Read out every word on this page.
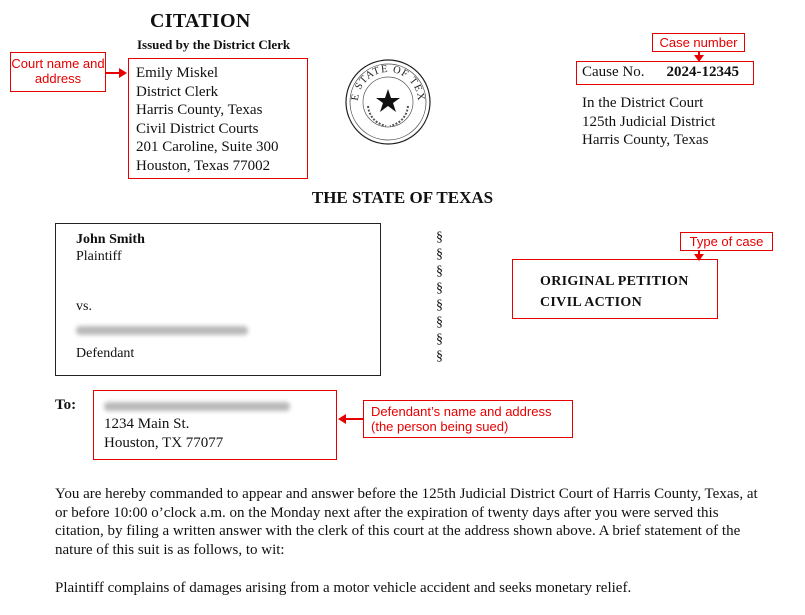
CITATION
Issued by the District Clerk
Emily Miskel
District Clerk
Harris County, Texas
Civil District Courts
201 Caroline, Suite 300
Houston, Texas 77002
Court name and address
E STATE OF TEX
Case number
Cause No. 2024-12345
In the District Court
125th Judicial District
Harris County, Texas
THE STATE OF TEXAS
John Smith
Plaintiff
vs.
Defendant
§
§
§
§
§
§
§
§
Type of case
ORIGINAL PETITION
CIVIL ACTION
To:
1234 Main St.
Houston, TX 77077
Defendant’s name and address
(the person being sued)
You are hereby commanded to appear and answer before the 125th Judicial District Court of Harris County, Texas, at or before 10:00 o’clock a.m. on the Monday next after the expiration of twenty days after you were served this citation, by filing a written answer with the clerk of this court at the address shown above. A brief statement of the nature of this suit is as follows, to wit:
Plaintiff complains of damages arising from a motor vehicle accident and seeks monetary relief.
